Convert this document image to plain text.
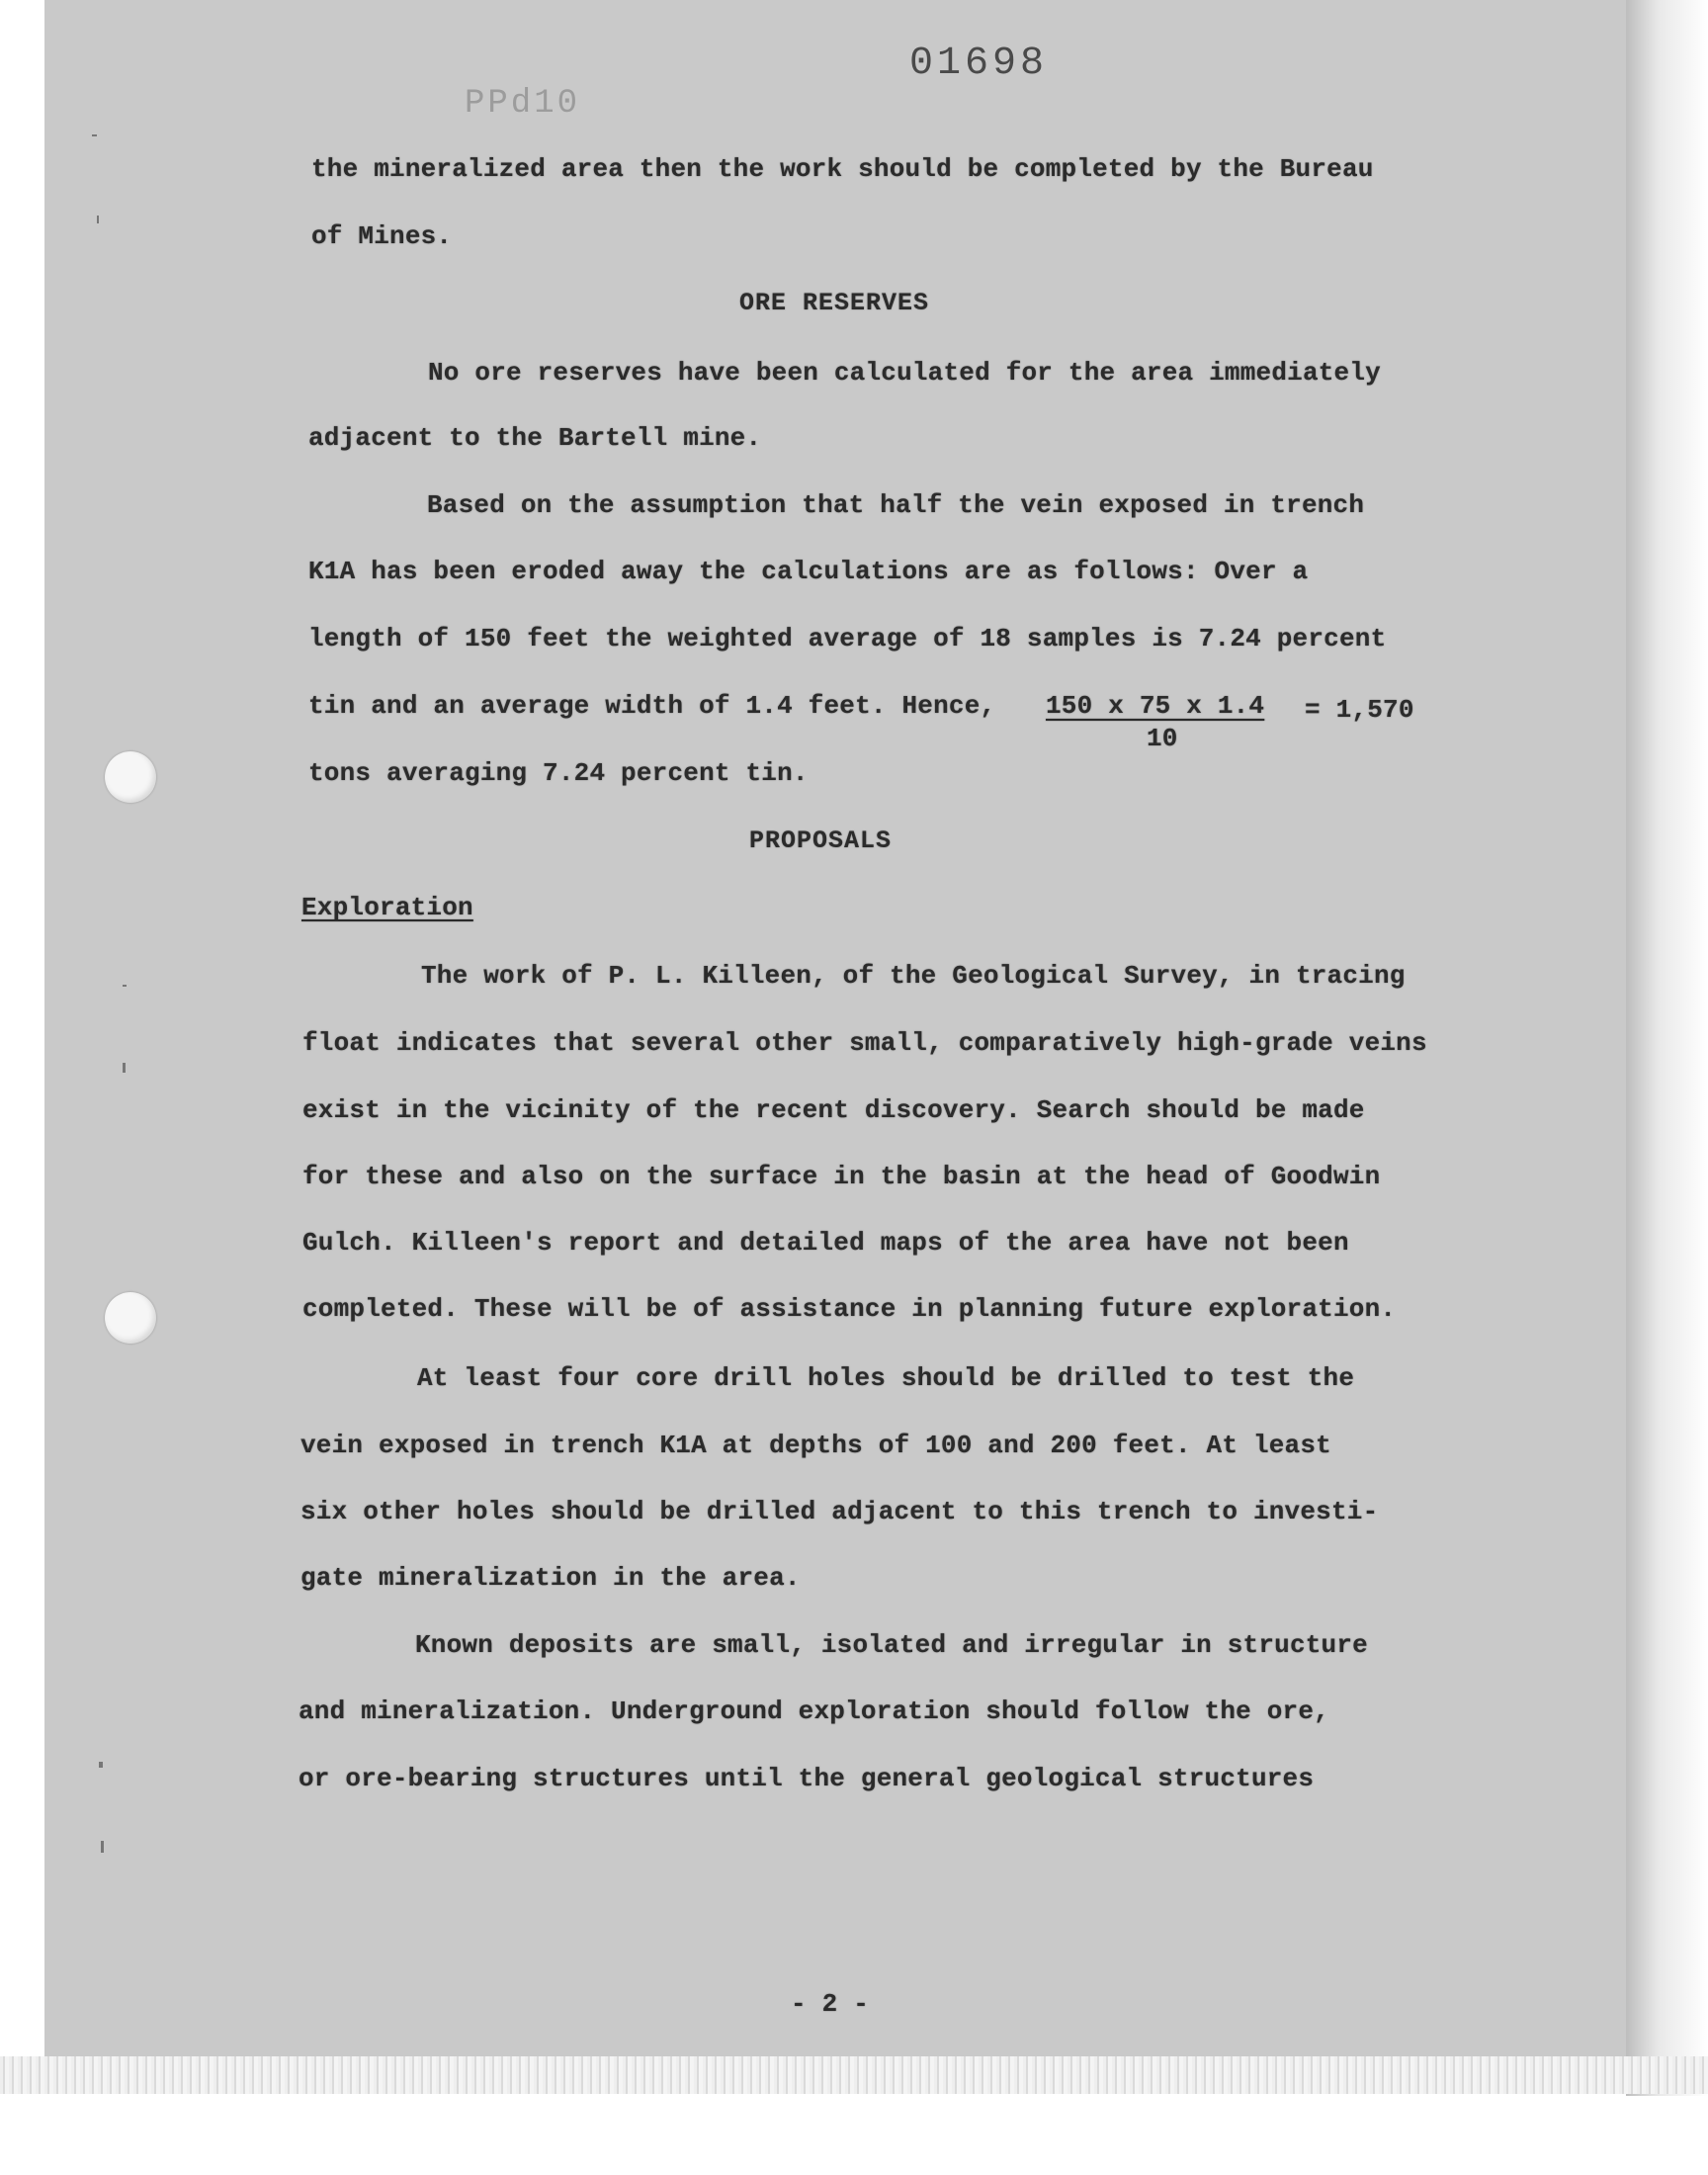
01698
PPd10
the mineralized area then the work should be completed by the Bureau
of Mines.
ORE RESERVES
No ore reserves have been calculated for the area immediately
adjacent to the Bartell mine.
Based on the assumption that half the vein exposed in trench
K1A has been eroded away the calculations are as follows: Over a
length of 150 feet the weighted average of 18 samples is 7.24 percent
tin and an average width of 1.4 feet. Hence, 150 x 75 x 1.4
10
= 1,570
tons averaging 7.24 percent tin.
PROPOSALS
Exploration
The work of P. L. Killeen, of the Geological Survey, in tracing
float indicates that several other small, comparatively high-grade veins
exist in the vicinity of the recent discovery. Search should be made
for these and also on the surface in the basin at the head of Goodwin
Gulch. Killeen's report and detailed maps of the area have not been
completed. These will be of assistance in planning future exploration.
At least four core drill holes should be drilled to test the
vein exposed in trench K1A at depths of 100 and 200 feet. At least
six other holes should be drilled adjacent to this trench to investi-
gate mineralization in the area.
Known deposits are small, isolated and irregular in structure
and mineralization. Underground exploration should follow the ore,
or ore-bearing structures until the general geological structures
- 2 -
